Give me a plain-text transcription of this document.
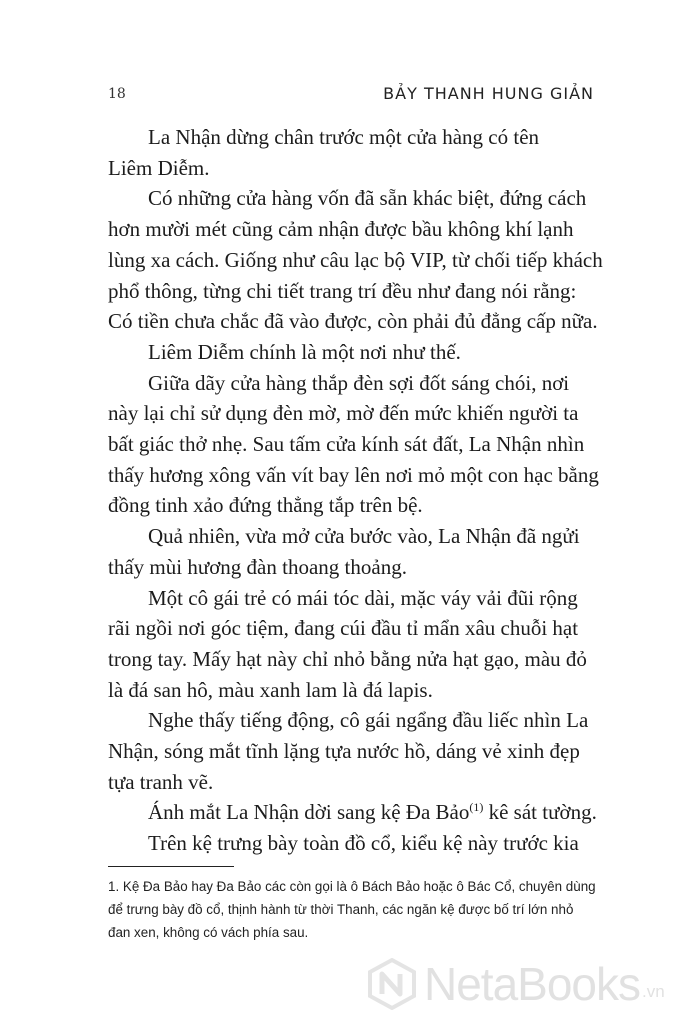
18	BẢY THANH HUNG GIẢN

La Nhận dừng chân trước một cửa hàng có tên
Liêm Diễm.

Có những cửa hàng vốn đã sẵn khác biệt, đứng cách
hơn mười mét cũng cảm nhận được bầu không khí lạnh
lùng xa cách. Giống như câu lạc bộ VIP, từ chối tiếp khách
phổ thông, từng chi tiết trang trí đều như đang nói rằng:
Có tiền chưa chắc đã vào được, còn phải đủ đẳng cấp nữa.

Liêm Diễm chính là một nơi như thế.

Giữa dãy cửa hàng thắp đèn sợi đốt sáng chói, nơi
này lại chỉ sử dụng đèn mờ, mờ đến mức khiến người ta
bất giác thở nhẹ. Sau tấm cửa kính sát đất, La Nhận nhìn
thấy hương xông vấn vít bay lên nơi mỏ một con hạc bằng
đồng tinh xảo đứng thẳng tắp trên bệ.

Quả nhiên, vừa mở cửa bước vào, La Nhận đã ngửi
thấy mùi hương đàn thoang thoảng.

Một cô gái trẻ có mái tóc dài, mặc váy vải đũi rộng
rãi ngồi nơi góc tiệm, đang cúi đầu tỉ mẩn xâu chuỗi hạt
trong tay. Mấy hạt này chỉ nhỏ bằng nửa hạt gạo, màu đỏ
là đá san hô, màu xanh lam là đá lapis.

Nghe thấy tiếng động, cô gái ngẩng đầu liếc nhìn La
Nhận, sóng mắt tĩnh lặng tựa nước hồ, dáng vẻ xinh đẹp
tựa tranh vẽ.

Ánh mắt La Nhận dời sang kệ Đa Bảo$^{(1)}$ kê sát tường.

Trên kệ trưng bày toàn đồ cổ, kiểu kệ này trước kia

1. Kệ Đa Bảo hay Đa Bảo các còn gọi là ô Bách Bảo hoặc ô Bác Cổ, chuyên dùng
để trưng bày đồ cổ, thịnh hành từ thời Thanh, các ngăn kệ được bố trí lớn nhỏ
đan xen, không có vách phía sau.
NetaBooks .vn
